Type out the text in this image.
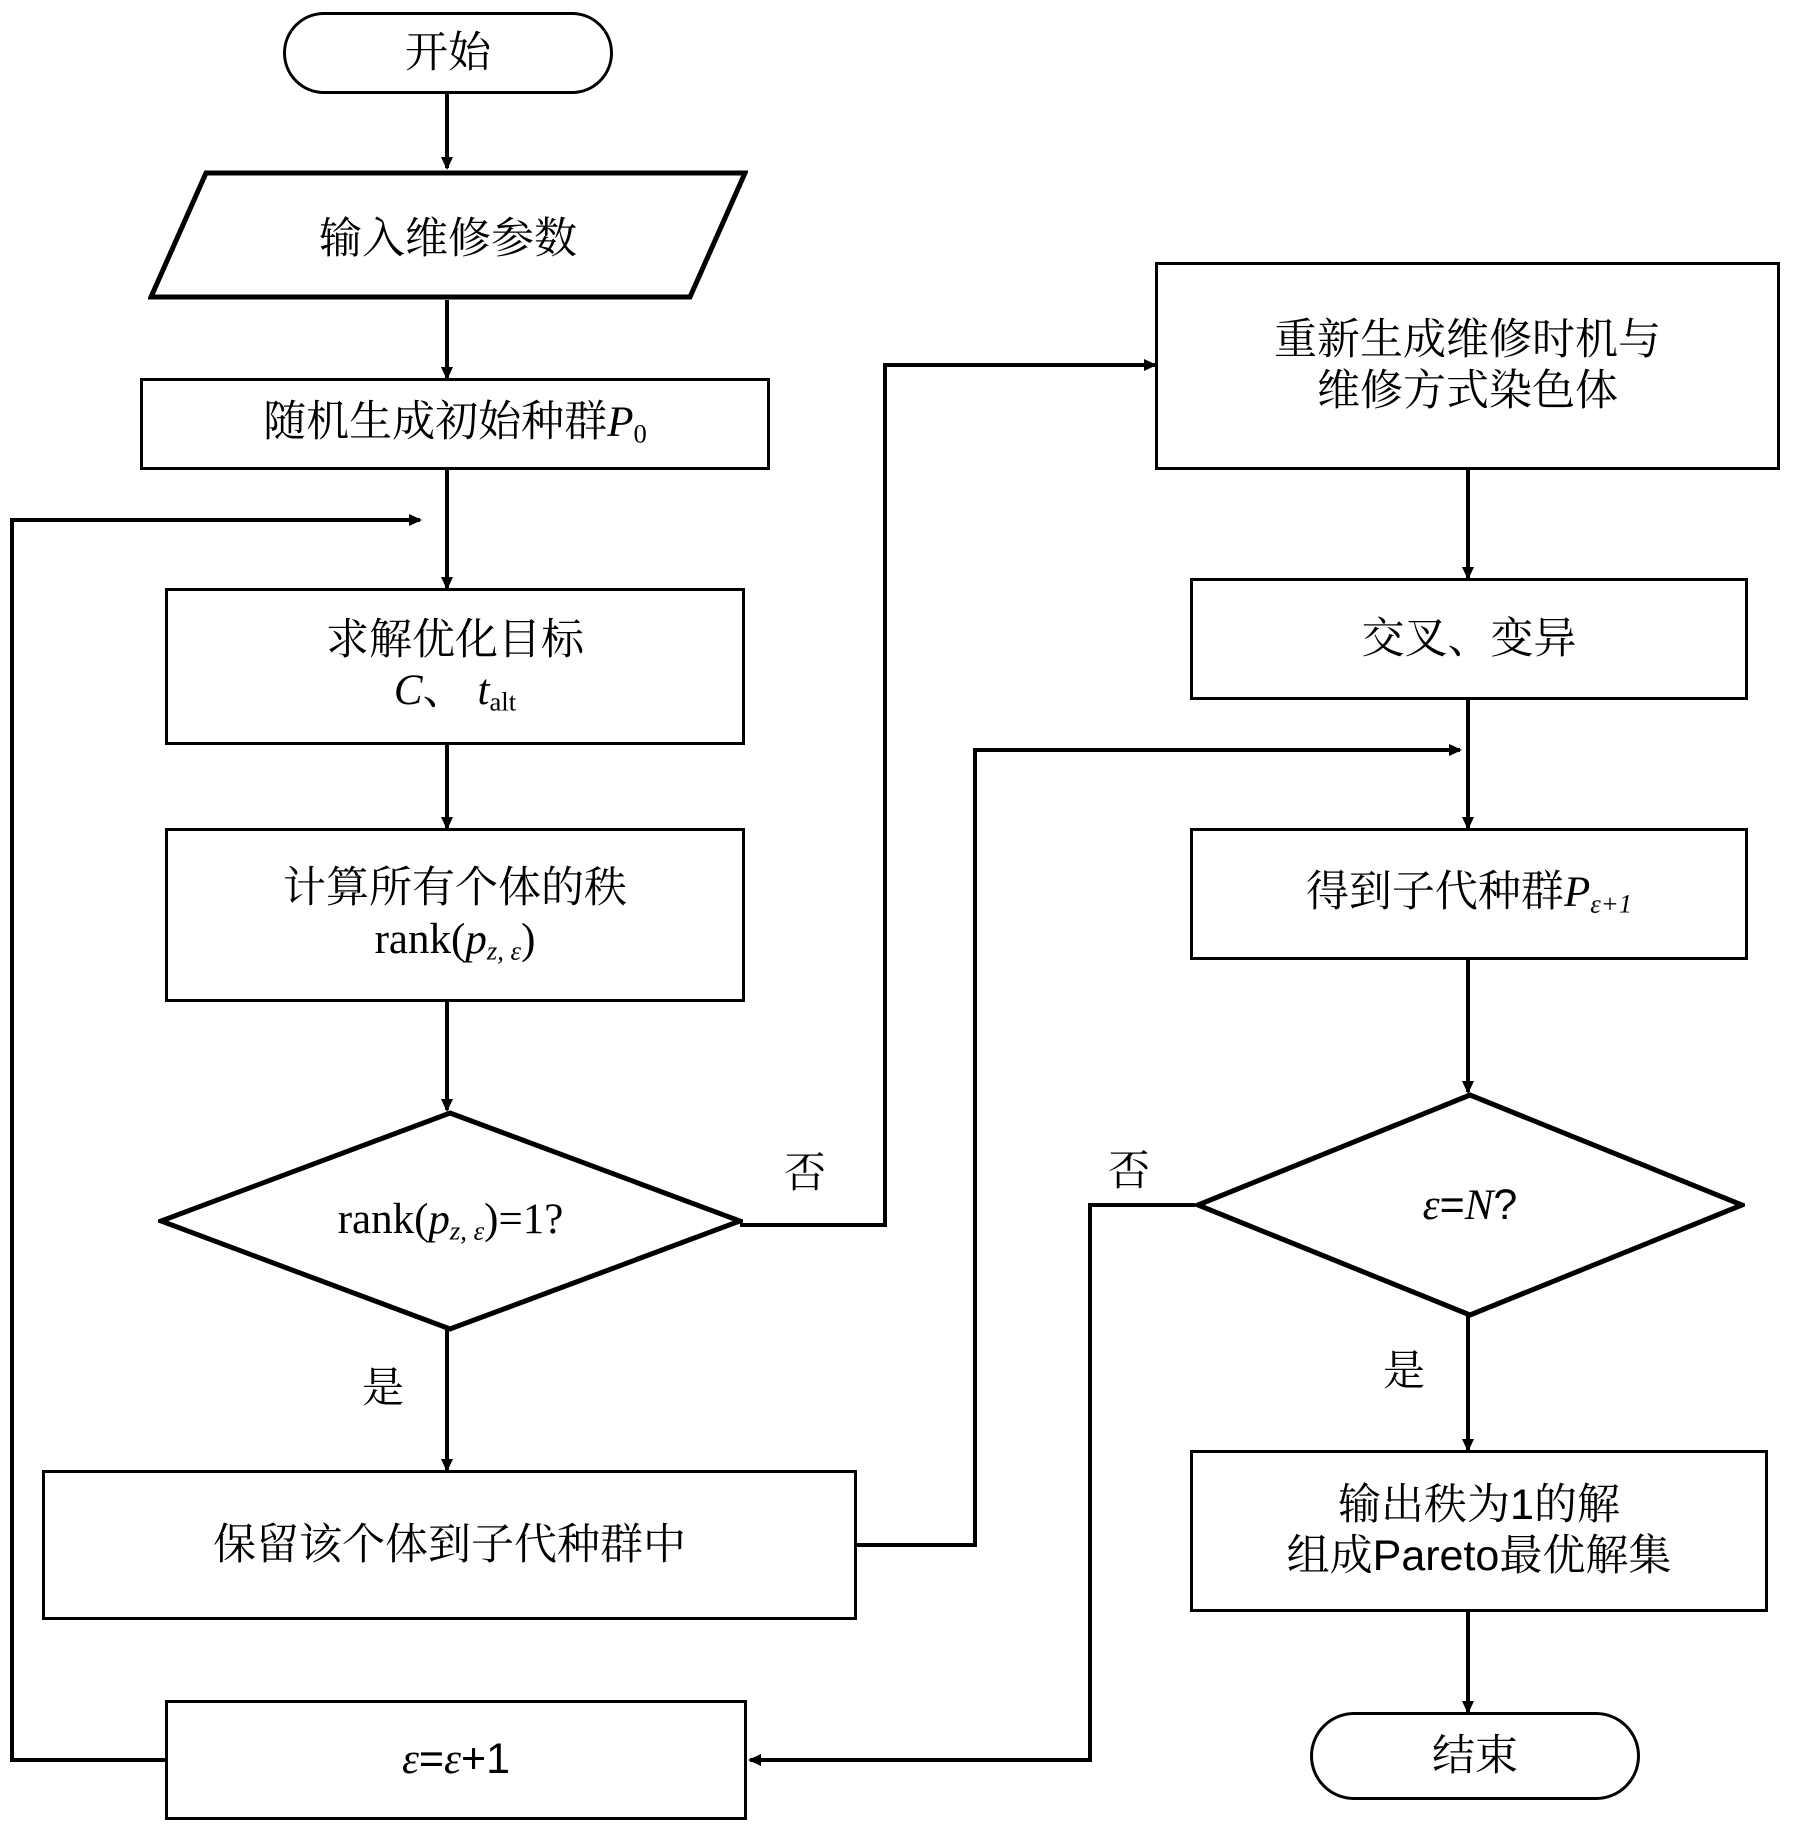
开始
输入维修参数
随机生成初始种群$P_0$
求解优化目标
C、 $t_{alt}$
计算所有个体的秩
$rank(p_{z, \varepsilon})$
$rank(p_{z, \varepsilon})=1$?
保留该个体到子代种群中
ε=ε+1
重新生成维修时机与
维修方式染色体
交叉、变异
得到子代种群$P_{\varepsilon+1}$
ε=N?
输出秩为1的解
组成Pareto最优解集
结束
否
是
否
是
